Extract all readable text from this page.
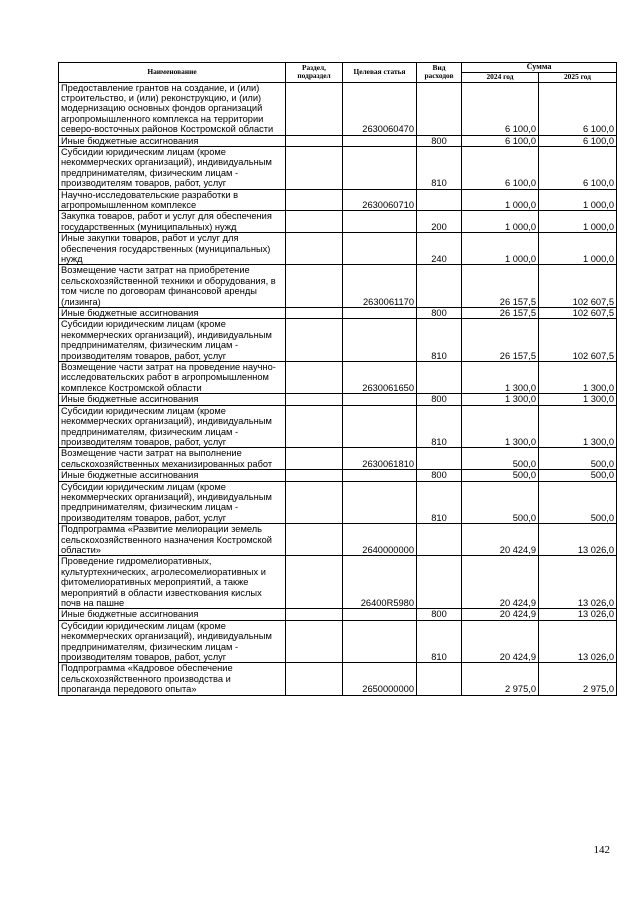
Наименование	Раздел, подраздел	Целевая статья	Вид расходов	Сумма	
				2024 год	2025 год
Предоставление грантов на создание, и (или) строительство, и (или) реконструкцию, и (или) модернизацию основных фондов организаций агропромышленного комплекса на территории северо-восточных районов Костромской области		2630060470		6 100,0	6 100,0
Иные бюджетные ассигнования			800	6 100,0	6 100,0
Субсидии юридическим лицам (кроме некоммерческих организаций), индивидуальным предпринимателям, физическим лицам - производителям товаров, работ, услуг			810	6 100,0	6 100,0
Научно-исследовательские разработки в агропромышленном комплексе		2630060710		1 000,0	1 000,0
Закупка товаров, работ и услуг для обеспечения государственных (муниципальных) нужд			200	1 000,0	1 000,0
Иные закупки товаров, работ и услуг для обеспечения государственных (муниципальных) нужд			240	1 000,0	1 000,0
Возмещение части затрат на приобретение сельскохозяйственной техники и оборудования, в том числе по договорам финансовой аренды (лизинга)		2630061170		26 157,5	102 607,5
Иные бюджетные ассигнования			800	26 157,5	102 607,5
Субсидии юридическим лицам (кроме некоммерческих организаций), индивидуальным предпринимателям, физическим лицам - производителям товаров, работ, услуг			810	26 157,5	102 607,5
Возмещение части затрат на проведение научно-исследовательских работ в агропромышленном комплексе Костромской области		2630061650		1 300,0	1 300,0
Иные бюджетные ассигнования			800	1 300,0	1 300,0
Субсидии юридическим лицам (кроме некоммерческих организаций), индивидуальным предпринимателям, физическим лицам - производителям товаров, работ, услуг			810	1 300,0	1 300,0
Возмещение части затрат на выполнение сельскохозяйственных механизированных работ		2630061810		500,0	500,0
Иные бюджетные ассигнования			800	500,0	500,0
Субсидии юридическим лицам (кроме некоммерческих организаций), индивидуальным предпринимателям, физическим лицам - производителям товаров, работ, услуг			810	500,0	500,0
Подпрограмма «Развитие мелиорации земель сельскохозяйственного назначения Костромской области»		2640000000		20 424,9	13 026,0
Проведение гидромелиоративных, культуртехнических, агролесомелиоративных и фитомелиоративных мероприятий, а также мероприятий в области известкования кислых почв на пашне		26400R5980		20 424,9	13 026,0
Иные бюджетные ассигнования			800	20 424,9	13 026,0
Субсидии юридическим лицам (кроме некоммерческих организаций), индивидуальным предпринимателям, физическим лицам - производителям товаров, работ, услуг			810	20 424,9	13 026,0
Подпрограмма «Кадровое обеспечение сельскохозяйственного производства и пропаганда передового опыта»		2650000000		2 975,0	2 975,0
142
